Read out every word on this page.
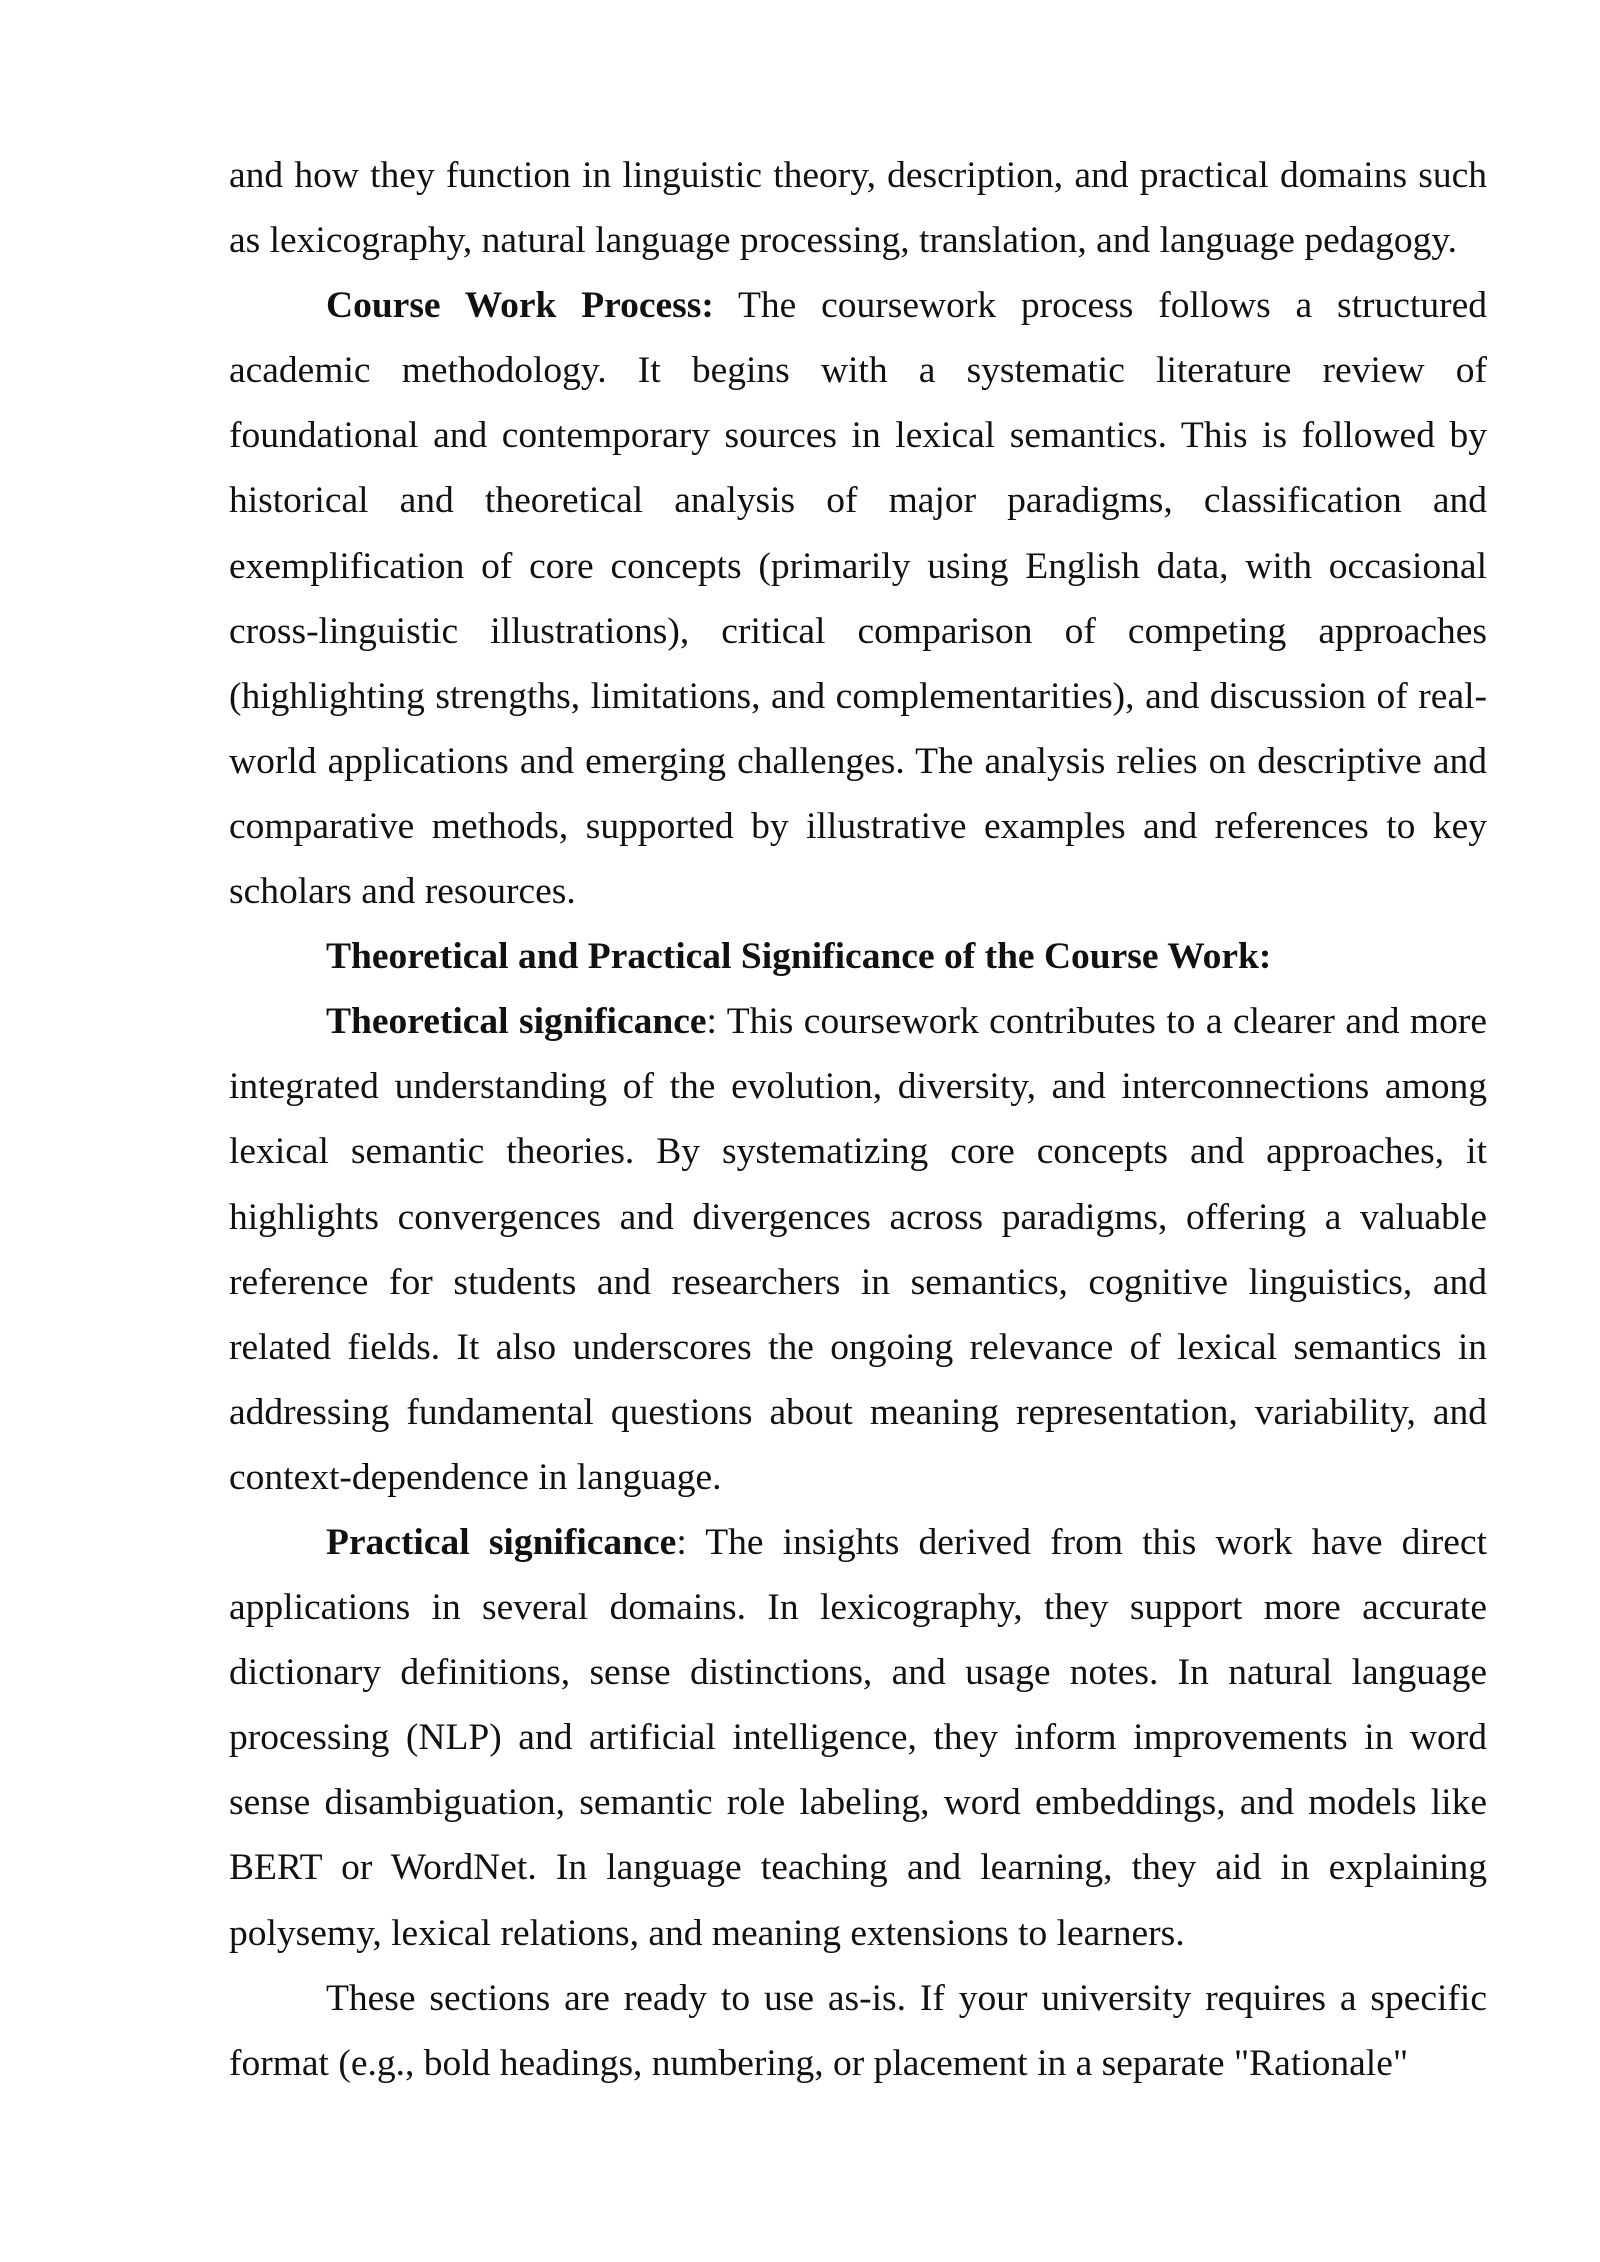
and how they function in linguistic theory, description, and practical domains such as lexicography, natural language processing, translation, and language pedagogy.

Course Work Process: The coursework process follows a structured academic methodology. It begins with a systematic literature review of foundational and contemporary sources in lexical semantics. This is followed by historical and theoretical analysis of major paradigms, classification and exemplification of core concepts (primarily using English data, with occasional cross-linguistic illustrations), critical comparison of competing approaches (highlighting strengths, limitations, and complementarities), and discussion of real-world applications and emerging challenges. The analysis relies on descriptive and comparative methods, supported by illustrative examples and references to key scholars and resources.

Theoretical and Practical Significance of the Course Work:

Theoretical significance: This coursework contributes to a clearer and more integrated understanding of the evolution, diversity, and interconnections among lexical semantic theories. By systematizing core concepts and approaches, it highlights convergences and divergences across paradigms, offering a valuable reference for students and researchers in semantics, cognitive linguistics, and related fields. It also underscores the ongoing relevance of lexical semantics in addressing fundamental questions about meaning representation, variability, and context-dependence in language.

Practical significance: The insights derived from this work have direct applications in several domains. In lexicography, they support more accurate dictionary definitions, sense distinctions, and usage notes. In natural language processing (NLP) and artificial intelligence, they inform improvements in word sense disambiguation, semantic role labeling, word embeddings, and models like BERT or WordNet. In language teaching and learning, they aid in explaining polysemy, lexical relations, and meaning extensions to learners.

These sections are ready to use as-is. If your university requires a specific format (e.g., bold headings, numbering, or placement in a separate "Rationale"
